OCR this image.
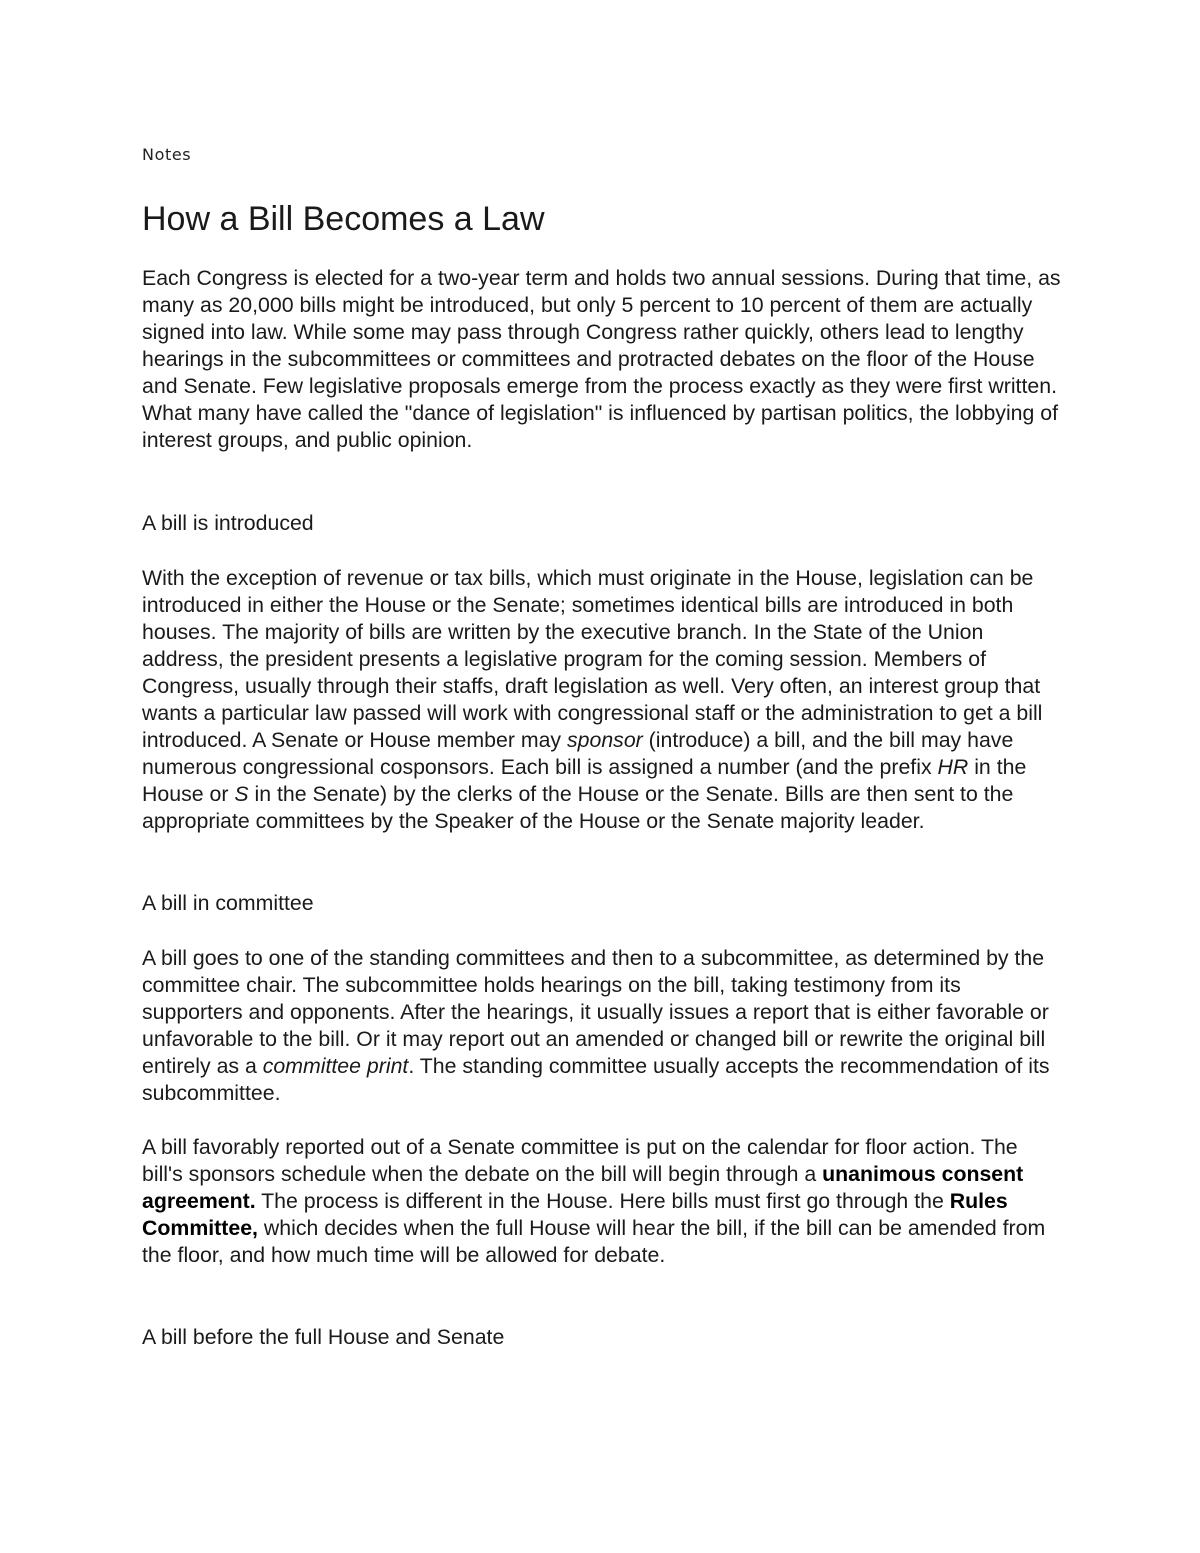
Notes
How a Bill Becomes a Law

Each Congress is elected for a two-year term and holds two annual sessions. During that time, as many as 20,000 bills might be introduced, but only 5 percent to 10 percent of them are actually signed into law. While some may pass through Congress rather quickly, others lead to lengthy hearings in the subcommittees or committees and protracted debates on the floor of the House and Senate. Few legislative proposals emerge from the process exactly as they were first written. What many have called the "dance of legislation" is influenced by partisan politics, the lobbying of interest groups, and public opinion.

A bill is introduced

With the exception of revenue or tax bills, which must originate in the House, legislation can be introduced in either the House or the Senate; sometimes identical bills are introduced in both houses. The majority of bills are written by the executive branch. In the State of the Union address, the president presents a legislative program for the coming session. Members of Congress, usually through their staffs, draft legislation as well. Very often, an interest group that wants a particular law passed will work with congressional staff or the administration to get a bill introduced. A Senate or House member may sponsor (introduce) a bill, and the bill may have numerous congressional cosponsors. Each bill is assigned a number (and the prefix HR in the House or S in the Senate) by the clerks of the House or the Senate. Bills are then sent to the appropriate committees by the Speaker of the House or the Senate majority leader.

A bill in committee

A bill goes to one of the standing committees and then to a subcommittee, as determined by the committee chair. The subcommittee holds hearings on the bill, taking testimony from its supporters and opponents. After the hearings, it usually issues a report that is either favorable or unfavorable to the bill. Or it may report out an amended or changed bill or rewrite the original bill entirely as a committee print. The standing committee usually accepts the recommendation of its subcommittee.

A bill favorably reported out of a Senate committee is put on the calendar for floor action. The bill's sponsors schedule when the debate on the bill will begin through a unanimous consent agreement. The process is different in the House. Here bills must first go through the Rules Committee, which decides when the full House will hear the bill, if the bill can be amended from the floor, and how much time will be allowed for debate.

A bill before the full House and Senate
